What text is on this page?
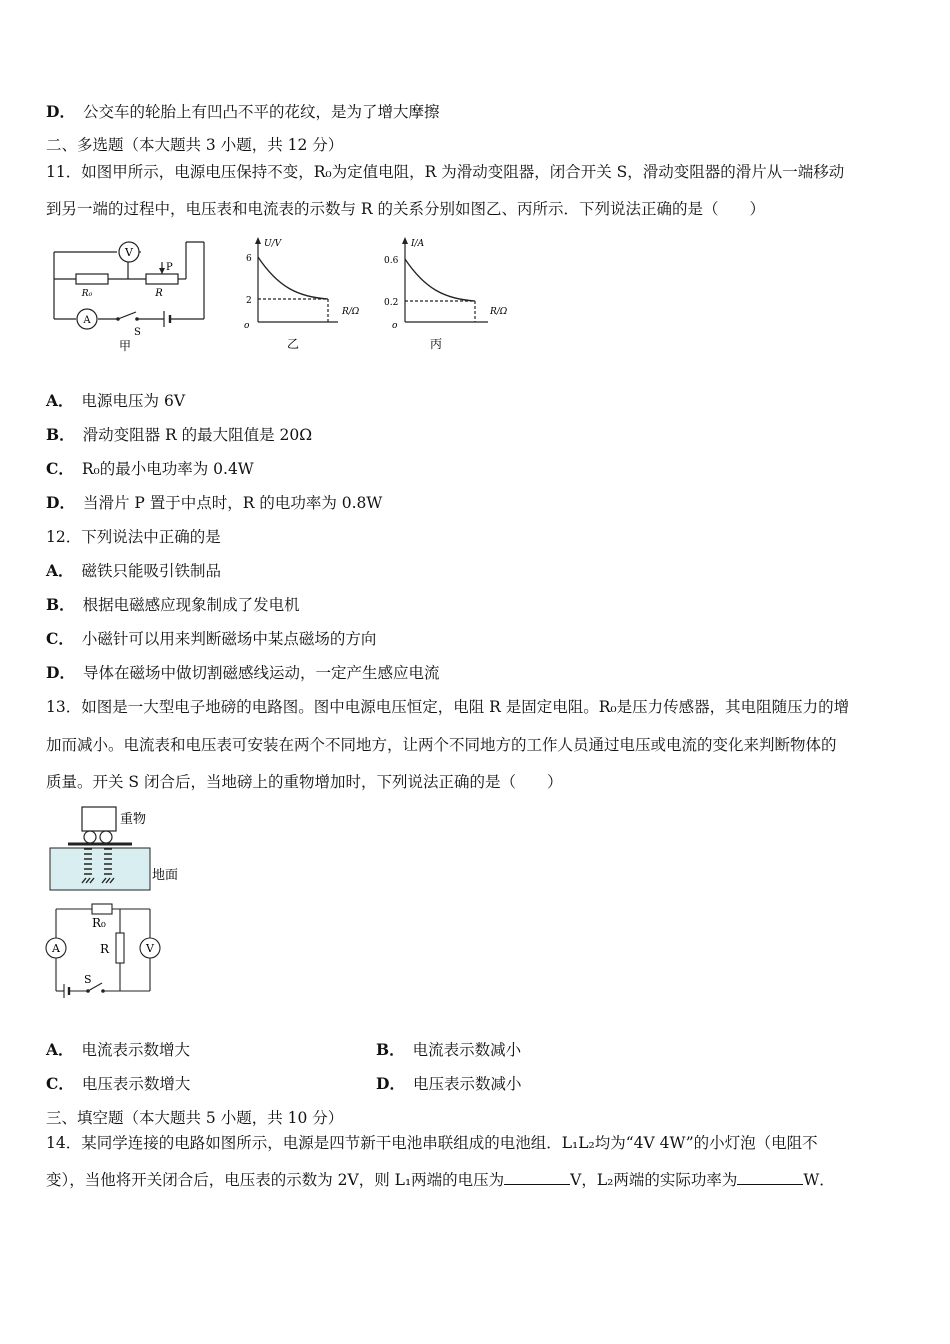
D． 公交车的轮胎上有凹凸不平的花纹，是为了增大摩擦
二、多选题（本大题共 3 小题，共 12 分）
11．如图甲所示，电源电压保持不变，R₀为定值电阻，R 为滑动变阻器，闭合开关 S，滑动变阻器的滑片从一端移动
到另一端的过程中，电压表和电流表的示数与 R 的关系分别如图乙、丙所示．下列说法正确的是（　　）
V
R₀
P
R
A
S
甲
U/V
6
2
o
R/Ω
乙
I/A
0.6
0.2
o
R/Ω
丙
A． 电源电压为 6V
B． 滑动变阻器 R 的最大阻值是 20Ω
C． R₀的最小电功率为 0.4W
D． 当滑片 P 置于中点时，R 的电功率为 0.8W
12．下列说法中正确的是
A． 磁铁只能吸引铁制品
B． 根据电磁感应现象制成了发电机
C． 小磁针可以用来判断磁场中某点磁场的方向
D． 导体在磁场中做切割磁感线运动，一定产生感应电流
13．如图是一大型电子地磅的电路图。图中电源电压恒定，电阻 R 是固定电阻。R₀是压力传感器，其电阻随压力的增
加而减小。电流表和电压表可安装在两个不同地方，让两个不同地方的工作人员通过电压或电流的变化来判断物体的
质量。开关 S 闭合后，当地磅上的重物增加时，下列说法正确的是（　　）
重物
地面
R₀
R
A	V
S
A． 电流表示数增大	B． 电流表示数减小
C． 电压表示数增大	D． 电压表示数减小
三、填空题（本大题共 5 小题，共 10 分）
14．某同学连接的电路如图所示，电源是四节新干电池串联组成的电池组．L₁L₂均为“4V 4W”的小灯泡（电阻不
变），当他将开关闭合后，电压表的示数为 2V，则 L₁两端的电压为	V，L₂两端的实际功率为	W．
